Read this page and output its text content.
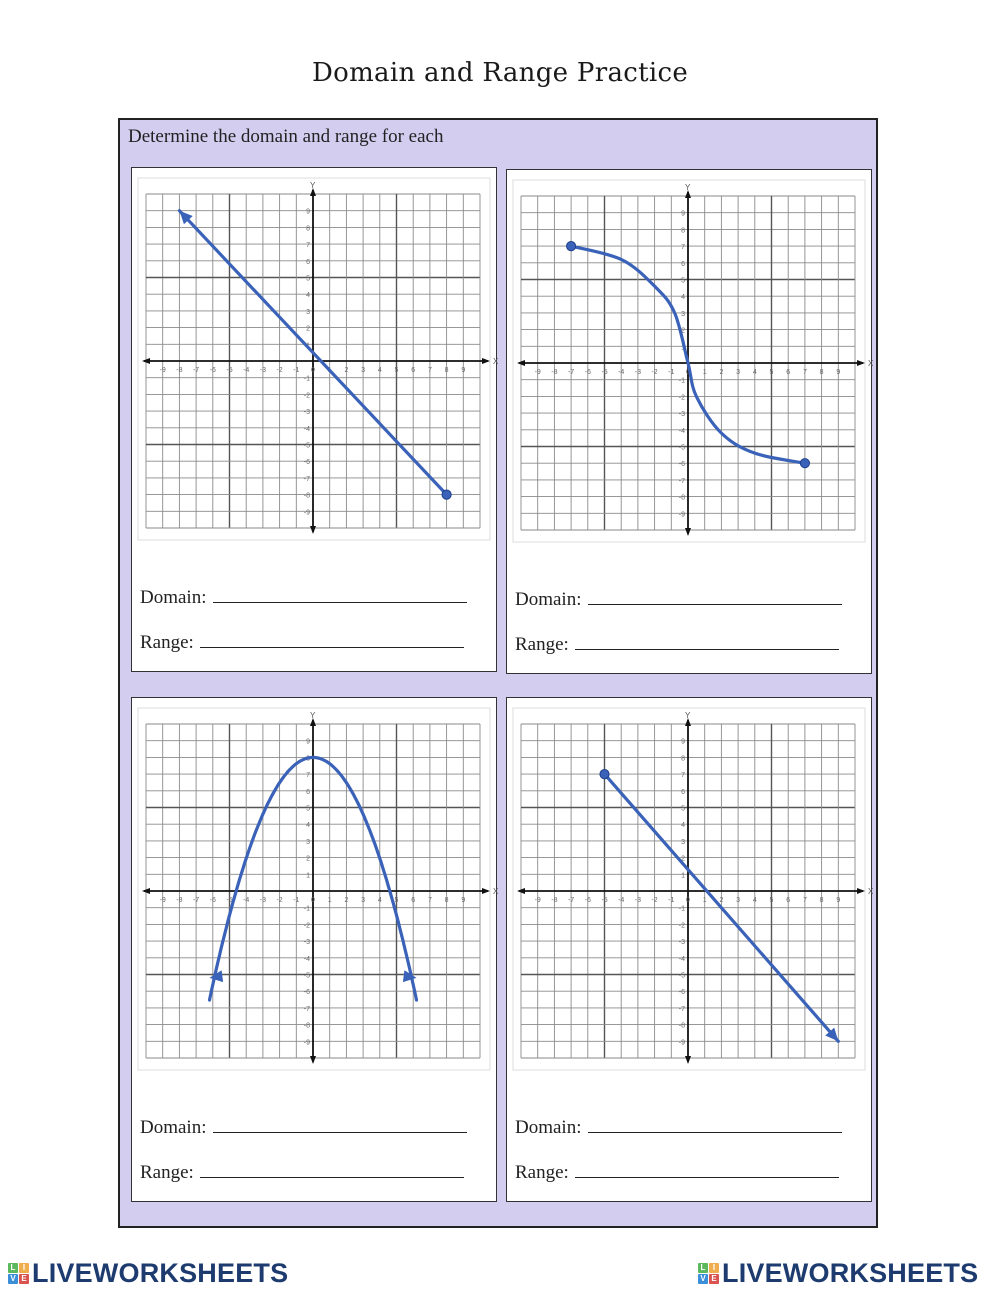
Domain and Range Practice
Determine the domain and range for each
X
Y
-9 -8 -7 -6 -5 -4 -3 -2 -1 0 1 2 3 4 5 6 7 8 9
-9
-8
-7
-6
-5
-4
-3
-2
-1
1
2
3
4
5
6
7
8
9
Domain:
Range:
X
Y
-9 -8 -7 -6 -5 -4 -3 -2 -1 0 1 2 3 4 5 6 7 8 9
-9
-8
-7
-6
-5
-4
-3
-2
-1
1
2
3
4
5
6
7
8
9
Domain:
Range:
X
Y
-9 -8 -7 -6 -5 -4 -3 -2 -1 0 1 2 3 4 5 6 7 8 9
-9
-8
-7
-6
-5
-4
-3
-2
-1
1
2
3
4
5
6
7
8
9
Domain:
Range:
X
Y
-9 -8 -7 -6 -5 -4 -3 -2 -1 0 1 2 3 4 5 6 7 8 9
-9
-8
-7
-6
-5
-4
-3
-2
-1
1
2
3
4
5
6
7
8
9
Domain:
Range:
L I
V E LIVEWORKSHEETS	L I
V E LIVEWORKSHEETS
